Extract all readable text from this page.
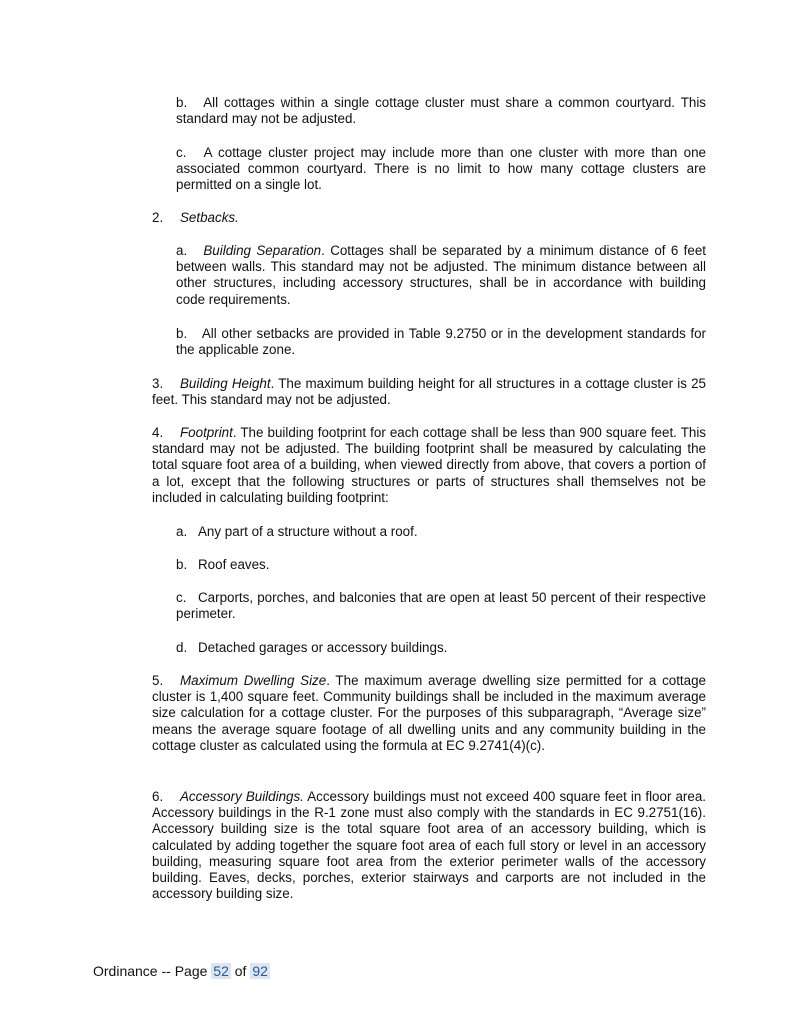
b. All cottages within a single cottage cluster must share a common courtyard. This standard may not be adjusted.

c. A cottage cluster project may include more than one cluster with more than one associated common courtyard. There is no limit to how many cottage clusters are permitted on a single lot.

2. Setbacks.

a. Building Separation. Cottages shall be separated by a minimum distance of 6 feet between walls. This standard may not be adjusted. The minimum distance between all other structures, including accessory structures, shall be in accordance with building code requirements.

b. All other setbacks are provided in Table 9.2750 or in the development standards for the applicable zone.

3. Building Height. The maximum building height for all structures in a cottage cluster is 25 feet. This standard may not be adjusted.

4. Footprint. The building footprint for each cottage shall be less than 900 square feet. This standard may not be adjusted. The building footprint shall be measured by calculating the total square foot area of a building, when viewed directly from above, that covers a portion of a lot, except that the following structures or parts of structures shall themselves not be included in calculating building footprint:

a. Any part of a structure without a roof.

b. Roof eaves.

c. Carports, porches, and balconies that are open at least 50 percent of their respective perimeter.

d. Detached garages or accessory buildings.

5. Maximum Dwelling Size. The maximum average dwelling size permitted for a cottage cluster is 1,400 square feet. Community buildings shall be included in the maximum average size calculation for a cottage cluster. For the purposes of this subparagraph, “Average size” means the average square footage of all dwelling units and any community building in the cottage cluster as calculated using the formula at EC 9.2741(4)(c).

6. Accessory Buildings. Accessory buildings must not exceed 400 square feet in floor area. Accessory buildings in the R-1 zone must also comply with the standards in EC 9.2751(16). Accessory building size is the total square foot area of an accessory building, which is calculated by adding together the square foot area of each full story or level in an accessory building, measuring square foot area from the exterior perimeter walls of the accessory building. Eaves, decks, porches, exterior stairways and carports are not included in the accessory building size.

Ordinance -- Page 52 of 92
